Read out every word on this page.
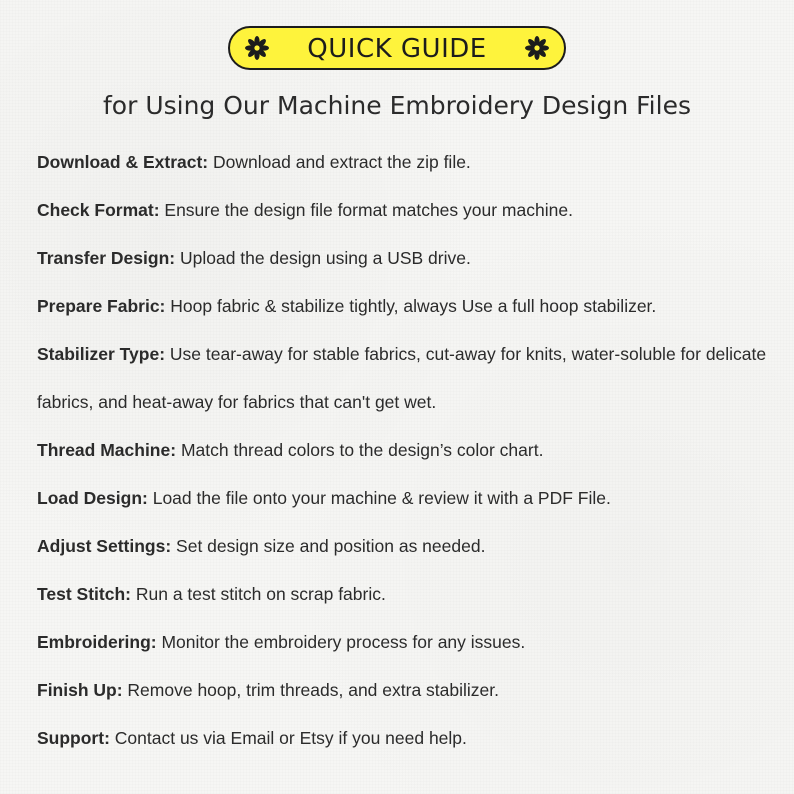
QUICK GUIDE
for Using Our Machine Embroidery Design Files
Download & Extract: Download and extract the zip file.
Check Format: Ensure the design file format matches your machine.
Transfer Design: Upload the design using a USB drive.
Prepare Fabric: Hoop fabric & stabilize tightly, always Use a full hoop stabilizer.
Stabilizer Type: Use tear-away for stable fabrics, cut-away for knits, water-soluble for delicate fabrics, and heat-away for fabrics that can't get wet.
Thread Machine: Match thread colors to the design’s color chart.
Load Design: Load the file onto your machine & review it with a PDF File.
Adjust Settings: Set design size and position as needed.
Test Stitch: Run a test stitch on scrap fabric.
Embroidering: Monitor the embroidery process for any issues.
Finish Up: Remove hoop, trim threads, and extra stabilizer.
Support: Contact us via Email or Etsy if you need help.
